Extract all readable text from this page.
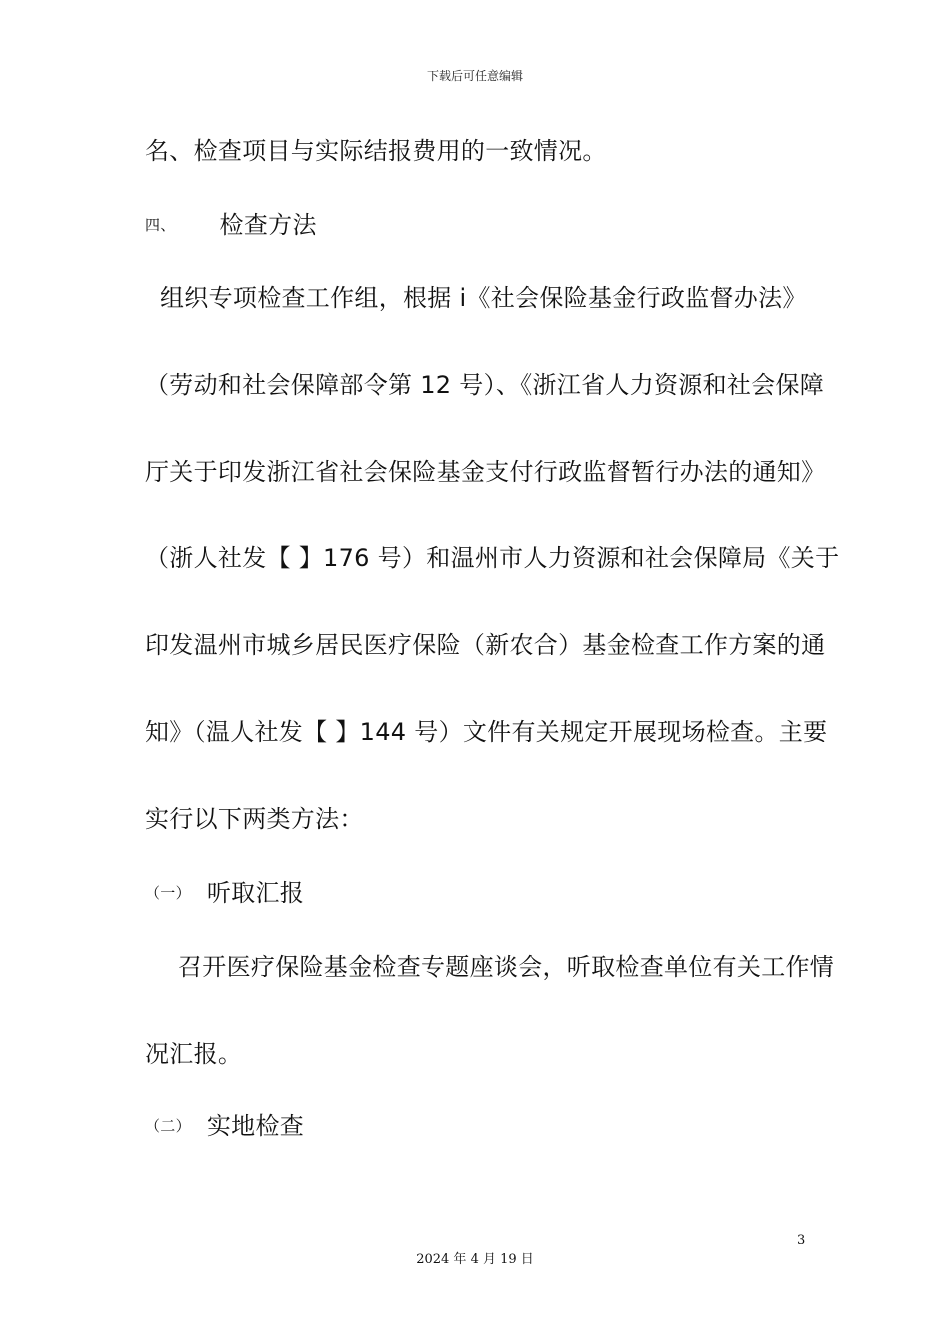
下载后可任意编辑
名、检查项目与实际结报费用的一致情况。
四、 检查方法
组织专项检查工作组，根据 i《社会保险基金行政监督办法》
（劳动和社会保障部令第 12 号）、《浙江省人力资源和社会保障
厅关于印发浙江省社会保险基金支付行政监督暂行办法的通知》
（浙人社发【 】176 号）和温州市人力资源和社会保障局《关于
印发温州市城乡居民医疗保险（新农合）基金检查工作方案的通
知》（温人社发【 】144 号）文件有关规定开展现场检查。主要
实行以下两类方法：
（一） 听取汇报
召开医疗保险基金检查专题座谈会，听取检查单位有关工作情
况汇报。
（二） 实地检查
3
2024 年 4 月 19 日
